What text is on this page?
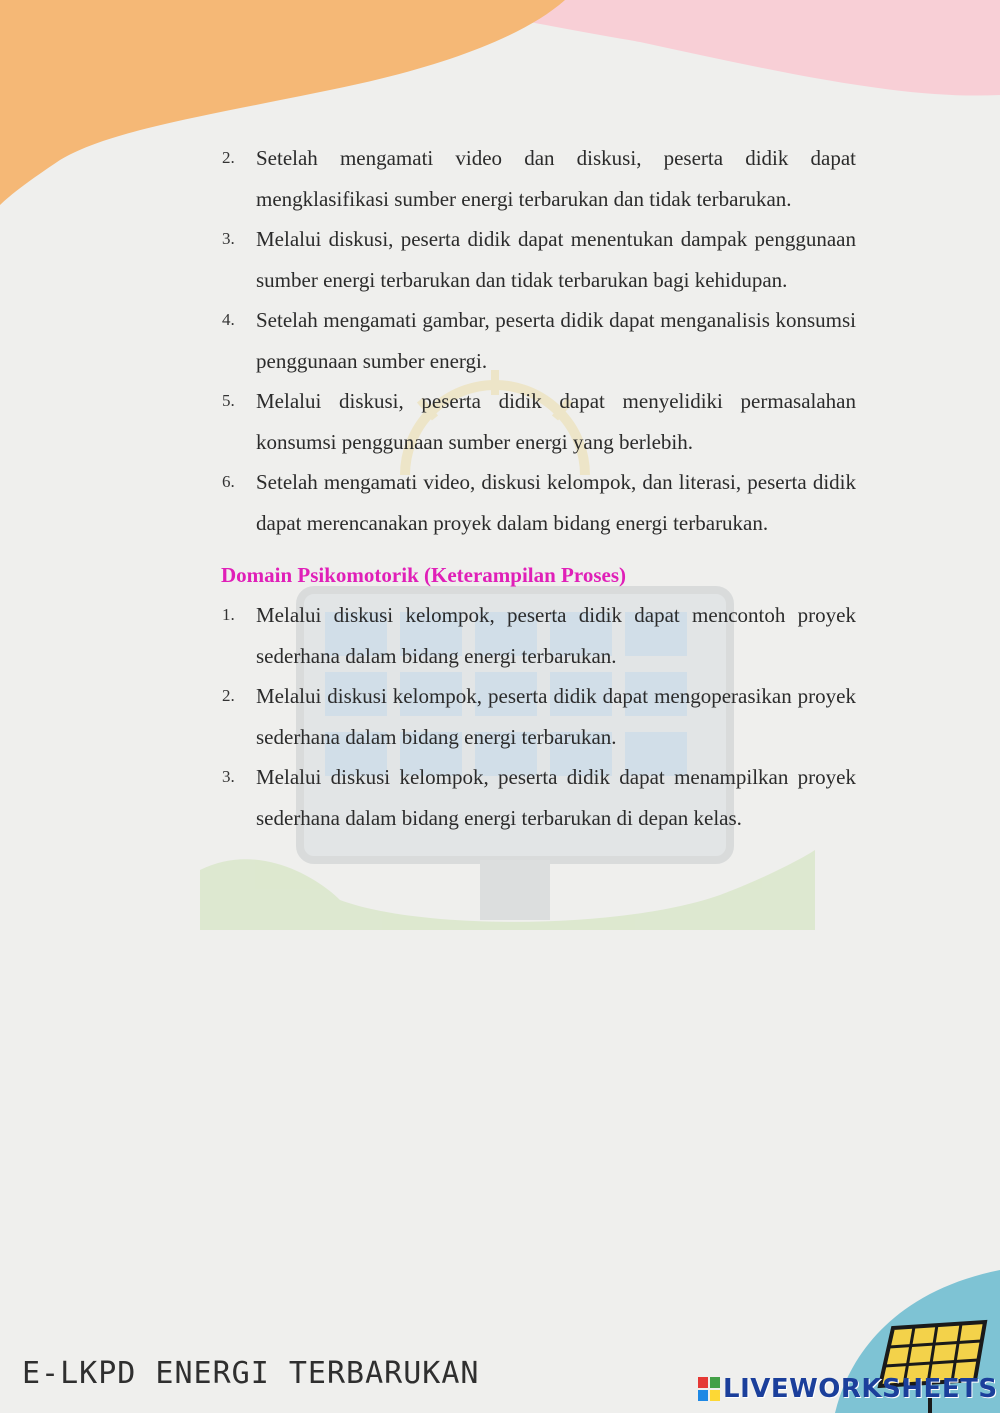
2.	Setelah mengamati video dan diskusi, peserta didik dapat mengklasifikasi sumber energi terbarukan dan tidak terbarukan.
3.	Melalui diskusi, peserta didik dapat menentukan dampak penggunaan sumber energi terbarukan dan tidak terbarukan bagi kehidupan.
4.	Setelah mengamati gambar, peserta didik dapat menganalisis konsumsi penggunaan sumber energi.
5.	Melalui diskusi, peserta didik dapat menyelidiki permasalahan konsumsi penggunaan sumber energi yang berlebih.
6.	Setelah mengamati video, diskusi kelompok, dan literasi, peserta didik dapat merencanakan proyek dalam bidang energi terbarukan.
Domain Psikomotorik (Keterampilan Proses)
1.	Melalui diskusi kelompok, peserta didik dapat mencontoh proyek sederhana dalam bidang energi terbarukan.
2.	Melalui diskusi kelompok, peserta didik dapat mengoperasikan proyek sederhana dalam bidang energi terbarukan.
3.	Melalui diskusi kelompok, peserta didik dapat menampilkan proyek sederhana dalam bidang energi terbarukan di depan kelas.
E-LKPD ENERGI TERBARUKAN	LIVEWORKSHEETS
